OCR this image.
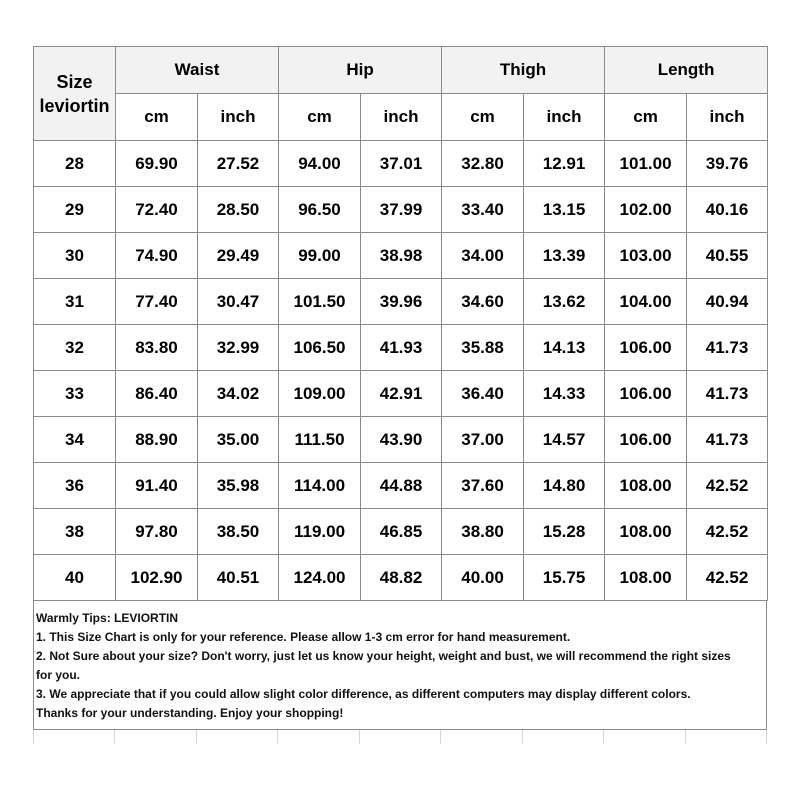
Size
leviortin	Waist		Hip		Thigh		Length	
	cm	inch	cm	inch	cm	inch	cm	inch
28	69.90	27.52	94.00	37.01	32.80	12.91	101.00	39.76
29	72.40	28.50	96.50	37.99	33.40	13.15	102.00	40.16
30	74.90	29.49	99.00	38.98	34.00	13.39	103.00	40.55
31	77.40	30.47	101.50	39.96	34.60	13.62	104.00	40.94
32	83.80	32.99	106.50	41.93	35.88	14.13	106.00	41.73
33	86.40	34.02	109.00	42.91	36.40	14.33	106.00	41.73
34	88.90	35.00	111.50	43.90	37.00	14.57	106.00	41.73
36	91.40	35.98	114.00	44.88	37.60	14.80	108.00	42.52
38	97.80	38.50	119.00	46.85	38.80	15.28	108.00	42.52
40	102.90	40.51	124.00	48.82	40.00	15.75	108.00	42.52
Warmly Tips: LEVIORTIN
1. This Size Chart is only for your reference. Please allow 1-3 cm error for hand measurement.
2. Not Sure about your size? Don't worry, just let us know your height, weight and bust, we will recommend the right sizes
for you.
3. We appreciate that if you could allow slight color difference, as different computers may display different colors.
Thanks for your understanding. Enjoy your shopping!
